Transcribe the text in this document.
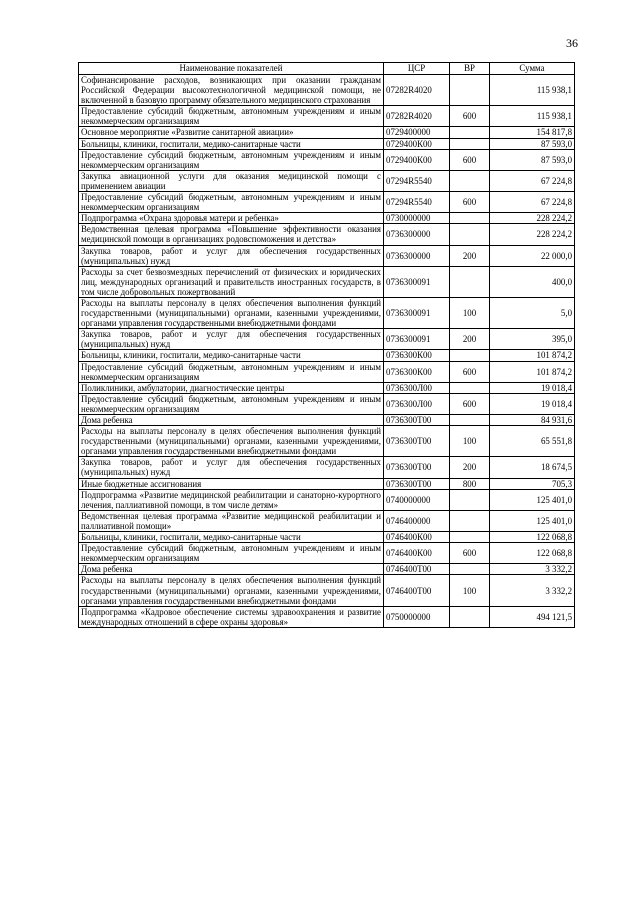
36
Наименование показателей	ЦСР	ВР	Сумма
Софинансирование расходов, возникающих при оказании гражданам Российской Федерации высокотехнологичной медицинской помощи, не включенной в базовую программу обязательного медицинского страхования	07282R4020		115 938,1
Предоставление субсидий бюджетным, автономным учреждениям и иным некоммерческим организациям	07282R4020	600	115 938,1
Основное мероприятие «Развитие санитарной авиации»	0729400000		154 817,8
Больницы, клиники, госпитали, медико-санитарные части	0729400К00		87 593,0
Предоставление субсидий бюджетным, автономным учреждениям и иным некоммерческим организациям	0729400К00	600	87 593,0
Закупка авиационной услуги для оказания медицинской помощи с применением авиации	07294R5540		67 224,8
Предоставление субсидий бюджетным, автономным учреждениям и иным некоммерческим организациям	07294R5540	600	67 224,8
Подпрограмма «Охрана здоровья матери и ребенка»	0730000000		228 224,2
Ведомственная целевая программа «Повышение эффективности оказания медицинской помощи в организациях родовспоможения и детства»	0736300000		228 224,2
Закупка товаров, работ и услуг для обеспечения государственных (муниципальных) нужд	0736300000	200	22 000,0
Расходы за счет безвозмездных перечислений от физических и юридических лиц, международных организаций и правительств иностранных государств, в том числе добровольных пожертвований	0736300091		400,0
Расходы на выплаты персоналу в целях обеспечения выполнения функций государственными (муниципальными) органами, казенными учреждениями, органами управления государственными внебюджетными фондами	0736300091	100	5,0
Закупка товаров, работ и услуг для обеспечения государственных (муниципальных) нужд	0736300091	200	395,0
Больницы, клиники, госпитали, медико-санитарные части	0736300К00		101 874,2
Предоставление субсидий бюджетным, автономным учреждениям и иным некоммерческим организациям	0736300К00	600	101 874,2
Поликлиники, амбулатории, диагностические центры	0736300Л00		19 018,4
Предоставление субсидий бюджетным, автономным учреждениям и иным некоммерческим организациям	0736300Л00	600	19 018,4
Дома ребенка	0736300Т00		84 931,6
Расходы на выплаты персоналу в целях обеспечения выполнения функций государственными (муниципальными) органами, казенными учреждениями, органами управления государственными внебюджетными фондами	0736300Т00	100	65 551,8
Закупка товаров, работ и услуг для обеспечения государственных (муниципальных) нужд	0736300Т00	200	18 674,5
Иные бюджетные ассигнования	0736300Т00	800	705,3
Подпрограмма «Развитие медицинской реабилитации и санаторно-курортного лечения, паллиативной помощи, в том числе детям»	0740000000		125 401,0
Ведомственная целевая программа «Развитие медицинской реабилитации и паллиативной помощи»	0746400000		125 401,0
Больницы, клиники, госпитали, медико-санитарные части	0746400К00		122 068,8
Предоставление субсидий бюджетным, автономным учреждениям и иным некоммерческим организациям	0746400К00	600	122 068,8
Дома ребенка	0746400Т00		3 332,2
Расходы на выплаты персоналу в целях обеспечения выполнения функций государственными (муниципальными) органами, казенными учреждениями, органами управления государственными внебюджетными фондами	0746400Т00	100	3 332,2
Подпрограмма «Кадровое обеспечение системы здравоохранения и развитие международных отношений в сфере охраны здоровья»	0750000000		494 121,5
